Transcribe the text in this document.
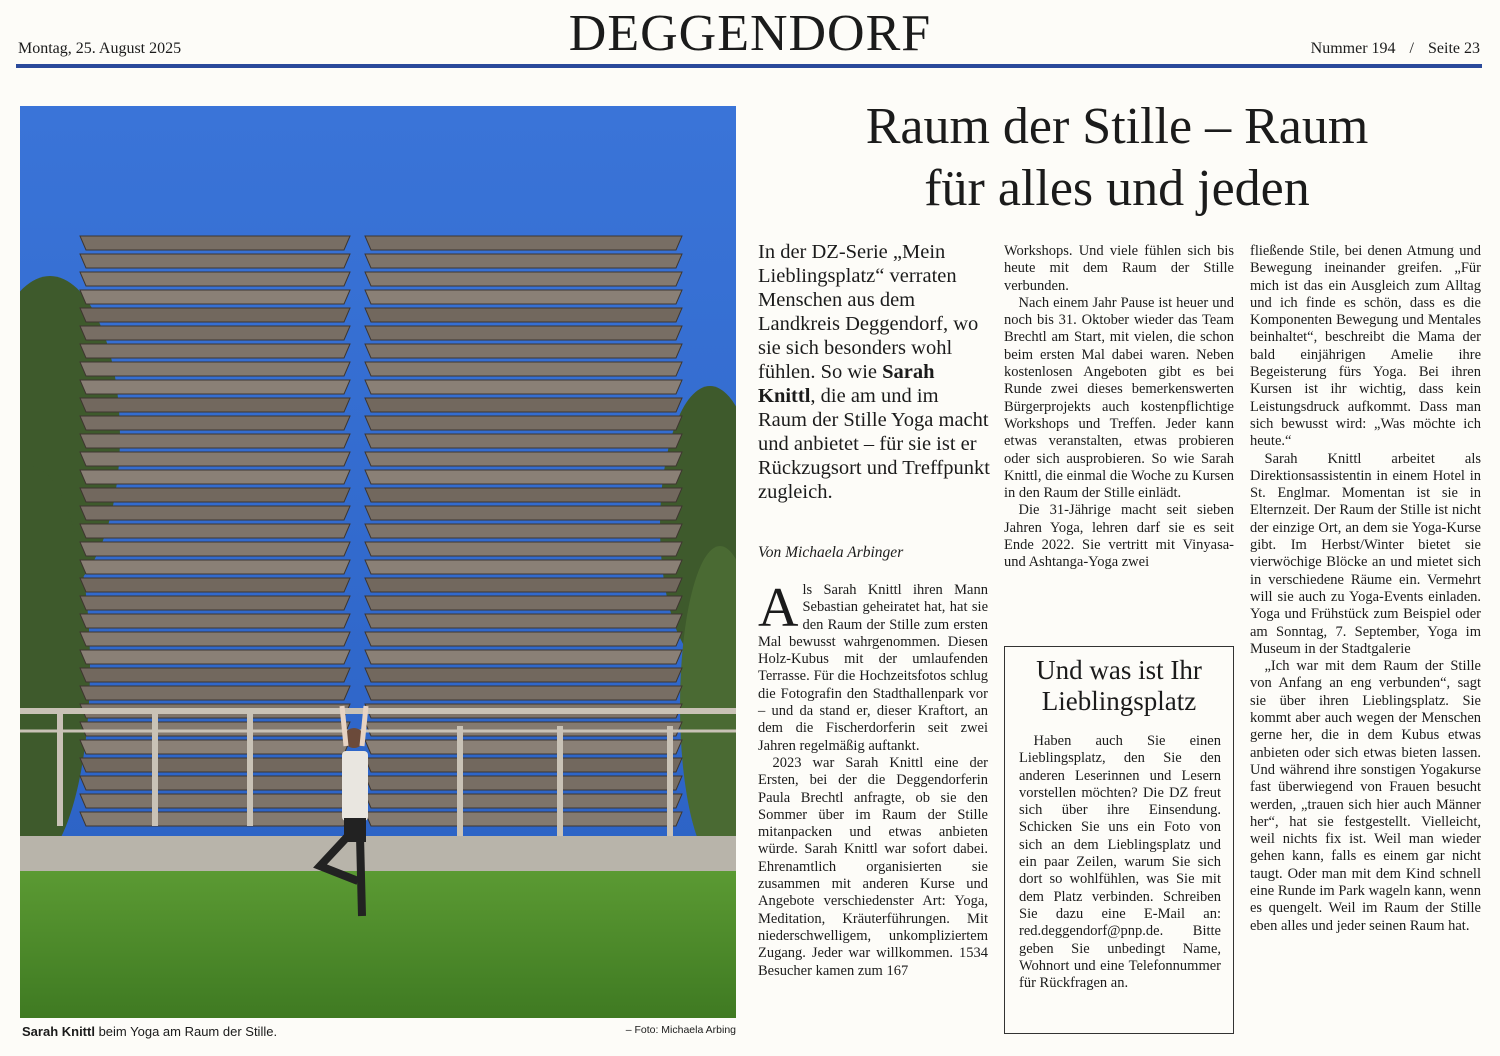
Montag, 25. August 2025	DEGGENDORF	Nummer 194 / Seite 23
Sarah Knittl beim Yoga am Raum der Stille.	– Foto: Michaela Arbing
Raum der Stille – Raum
für alles und jeden

In der DZ-Serie „Mein Lieblingsplatz“ verraten Menschen aus dem Landkreis Deggendorf, wo sie sich besonders wohl fühlen. So wie Sarah Knittl, die am und im Raum der Stille Yoga macht und anbietet – für sie ist er Rückzugsort und Treffpunkt zugleich.

Von Michaela Arbinger

Als Sarah Knittl ihren Mann Sebastian geheiratet hat, hat sie den Raum der Stille zum ersten Mal bewusst wahrgenommen. Diesen Holz-Kubus mit der umlaufenden Terrasse. Für die Hochzeitsfotos schlug die Fotografin den Stadthallenpark vor – und da stand er, dieser Kraftort, an dem die Fischerdorferin seit zwei Jahren regelmäßig auftankt.

2023 war Sarah Knittl eine der Ersten, bei der die Deggendorferin Paula Brechtl anfragte, ob sie den Sommer über im Raum der Stille mitanpacken und etwas anbieten würde. Sarah Knittl war sofort dabei. Ehrenamtlich organisierten sie zusammen mit anderen Kurse und Angebote verschiedenster Art: Yoga, Meditation, Kräuterführungen. Mit niederschwelligem, unkompliziertem Zugang. Jeder war willkommen. 1534 Besucher kamen zum 167

Workshops. Und viele fühlen sich bis heute mit dem Raum der Stille verbunden.

Nach einem Jahr Pause ist heuer und noch bis 31. Oktober wieder das Team Brechtl am Start, mit vielen, die schon beim ersten Mal dabei waren. Neben kostenlosen Angeboten gibt es bei Runde zwei dieses bemerkenswerten Bürgerprojekts auch kostenpflichtige Workshops und Treffen. Jeder kann etwas veranstalten, etwas probieren oder sich ausprobieren. So wie Sarah Knittl, die einmal die Woche zu Kursen in den Raum der Stille einlädt.

Die 31-Jährige macht seit sieben Jahren Yoga, lehren darf sie es seit Ende 2022. Sie vertritt mit Vinyasa- und Ashtanga-Yoga zwei

Und was ist Ihr
Lieblingsplatz

Haben auch Sie einen Lieblingsplatz, den Sie den anderen Leserinnen und Lesern vorstellen möchten? Die DZ freut sich über ihre Einsendung. Schicken Sie uns ein Foto von sich an dem Lieblingsplatz und ein paar Zeilen, warum Sie sich dort so wohlfühlen, was Sie mit dem Platz verbinden. Schreiben Sie dazu eine E-Mail an: red.deggendorf@pnp.de. Bitte geben Sie unbedingt Name, Wohnort und eine Telefonnummer für Rückfragen an.

fließende Stile, bei denen Atmung und Bewegung ineinander greifen. „Für mich ist das ein Ausgleich zum Alltag und ich finde es schön, dass es die Komponenten Bewegung und Mentales beinhaltet“, beschreibt die Mama der bald einjährigen Amelie ihre Begeisterung fürs Yoga. Bei ihren Kursen ist ihr wichtig, dass kein Leistungsdruck aufkommt. Dass man sich bewusst wird: „Was möchte ich heute.“

Sarah Knittl arbeitet als Direktionsassistentin in einem Hotel in St. Englmar. Momentan ist sie in Elternzeit. Der Raum der Stille ist nicht der einzige Ort, an dem sie Yoga-Kurse gibt. Im Herbst/Winter bietet sie vierwöchige Blöcke an und mietet sich in verschiedene Räume ein. Vermehrt will sie auch zu Yoga-Events einladen. Yoga und Frühstück zum Beispiel oder am Sonntag, 7. September, Yoga im Museum in der Stadtgalerie

„Ich war mit dem Raum der Stille von Anfang an eng verbunden“, sagt sie über ihren Lieblingsplatz. Sie kommt aber auch wegen der Menschen gerne her, die in dem Kubus etwas anbieten oder sich etwas bieten lassen. Und während ihre sonstigen Yogakurse fast überwiegend von Frauen besucht werden, „trauen sich hier auch Männer her“, hat sie festgestellt. Vielleicht, weil nichts fix ist. Weil man wieder gehen kann, falls es einem gar nicht taugt. Oder man mit dem Kind schnell eine Runde im Park wageln kann, wenn es quengelt. Weil im Raum der Stille eben alles und jeder seinen Raum hat.
